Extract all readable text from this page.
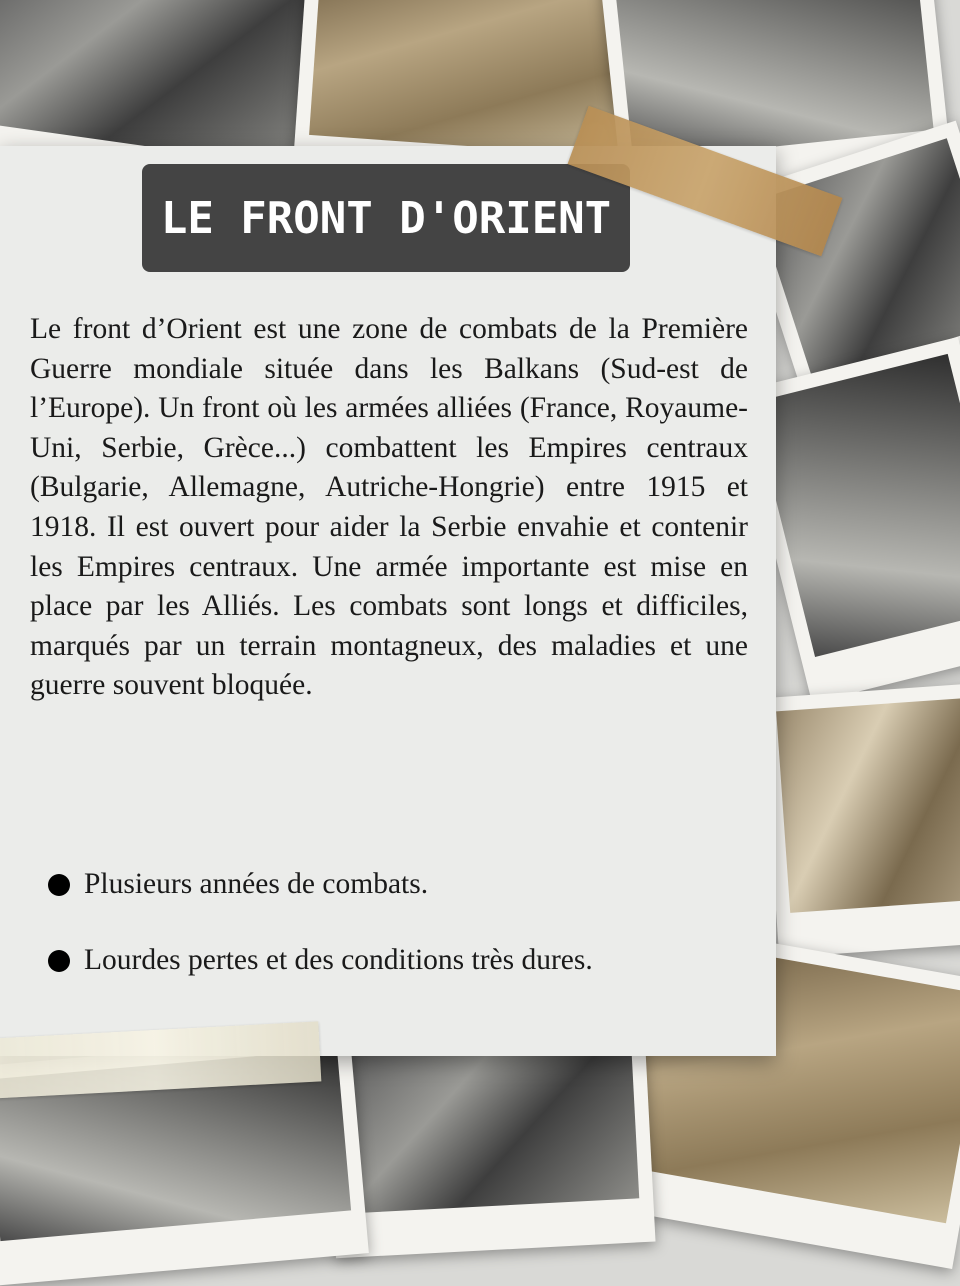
LE FRONT D'ORIENT

Le front d’Orient est une zone de combats de la Première Guerre mondiale située dans les Balkans (Sud-est de l’Europe). Un front où les armées alliées (France, Royaume-Uni, Serbie, Grèce...) combattent les Empires centraux (Bulgarie, Allemagne, Autriche-Hongrie) entre 1915 et 1918. Il est ouvert pour aider la Serbie envahie et contenir les Empires centraux. Une armée importante est mise en place par les Alliés. Les combats sont longs et difficiles, marqués par un terrain montagneux, des maladies et une guerre souvent bloquée.

Plusieurs années de combats.
Lourdes pertes et des conditions très dures.
